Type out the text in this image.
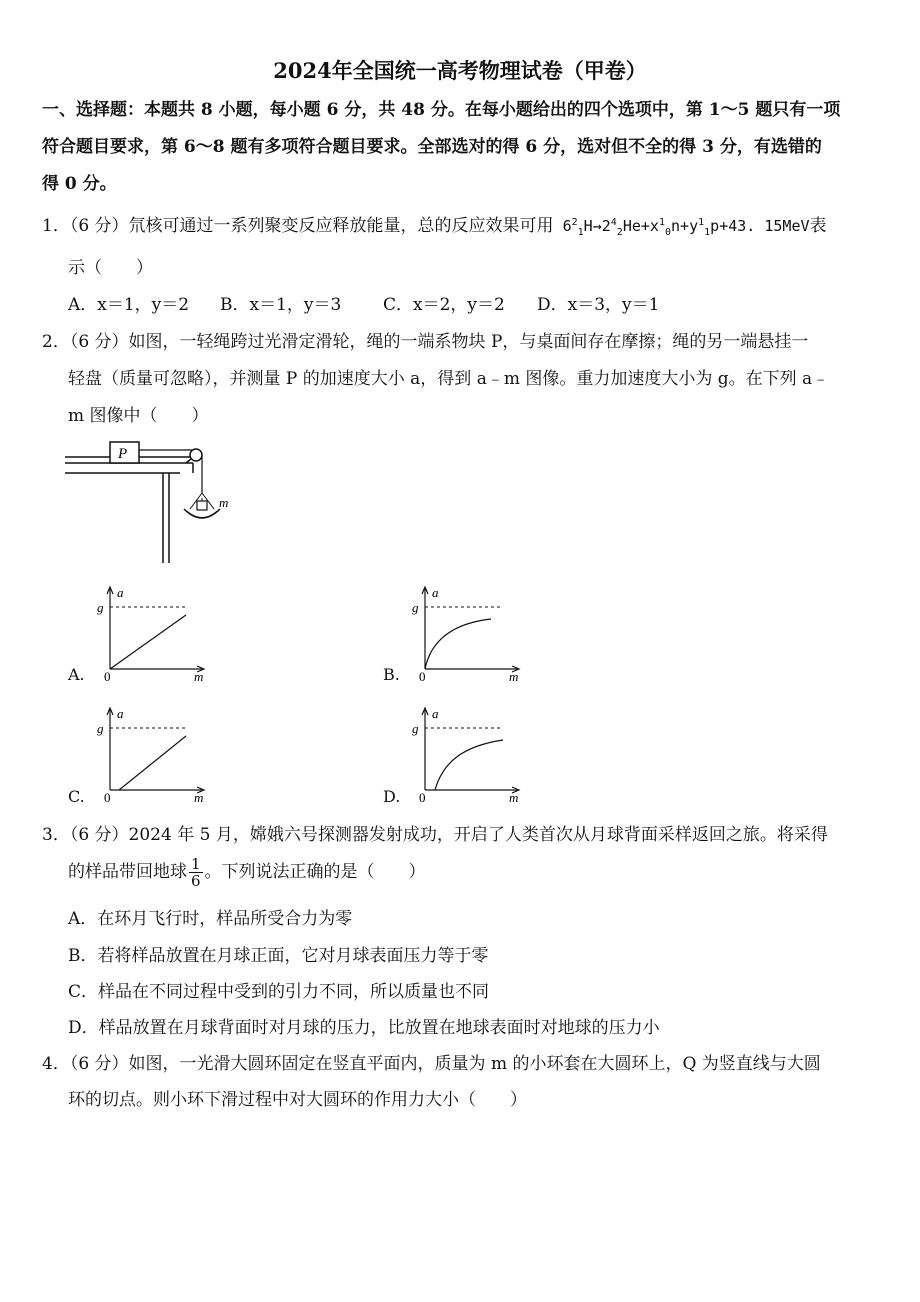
2024年全国统一高考物理试卷（甲卷）
一、选择题：本题共 8 小题，每小题 6 分，共 48 分。在每小题给出的四个选项中，第 1～5 题只有一项
符合题目要求，第 6～8 题有多项符合题目要求。全部选对的得 6 分，选对但不全的得 3 分，有选错的
得 0 分。
1．（6 分）氘核可通过一系列聚变反应释放能量，总的反应效果可用 $6^2_1H\to 2^4_2He+x^1_0n+y^1_1p+43$. 15MeV表
示（　　）
A．x＝1，y＝2 B．x＝1，y＝3 C．x＝2，y＝2 D．x＝3，y＝1
2．（6 分）如图，一轻绳跨过光滑定滑轮，绳的一端系物块 P，与桌面间存在摩擦；绳的另一端悬挂一
轻盘（质量可忽略），并测量 P 的加速度大小 a，得到 a﹣m 图像。重力加速度大小为 g。在下列 a﹣
m 图像中（　　）
P
m
A.	B.
C.	D.
a
g
0	m
a
g
0	m
a
g
0	m
a
g
0	m
3．（6 分）2024 年 5 月，嫦娥六号探测器发射成功，开启了人类首次从月球背面采样返回之旅。将采得
的样品带回地球 $\frac{1}{6}$ 。下列说法正确的是（　　）
A．在环月飞行时，样品所受合力为零
B．若将样品放置在月球正面，它对月球表面压力等于零
C．样品在不同过程中受到的引力不同，所以质量也不同
D．样品放置在月球背面时对月球的压力，比放置在地球表面时对地球的压力小
4．（6 分）如图，一光滑大圆环固定在竖直平面内，质量为 m 的小环套在大圆环上，Q 为竖直线与大圆
环的切点。则小环下滑过程中对大圆环的作用力大小（　　）
